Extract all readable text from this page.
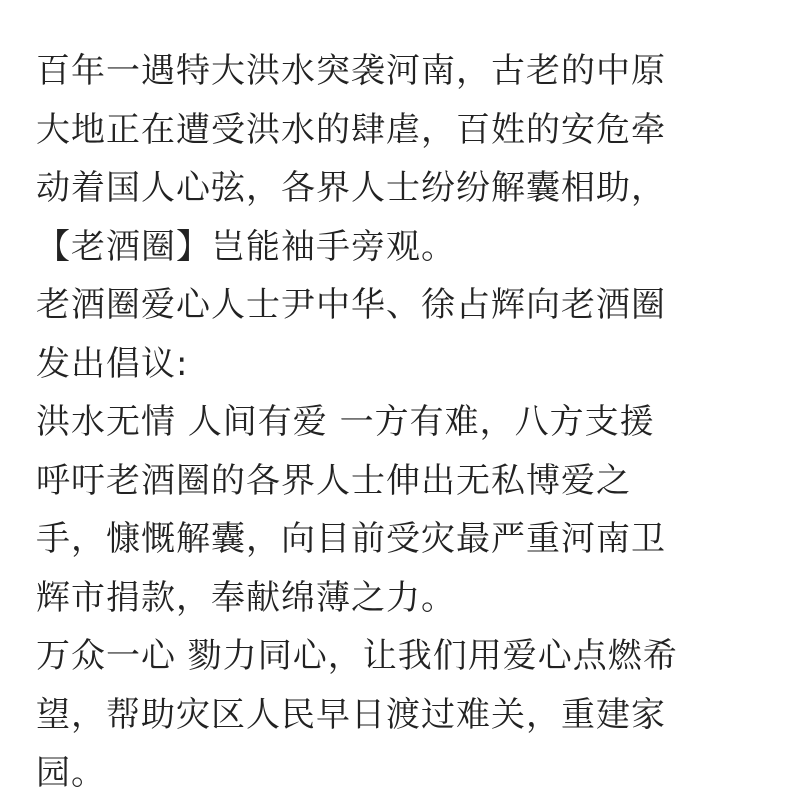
百年一遇特大洪水突袭河南，古老的中原
大地正在遭受洪水的肆虐，百姓的安危牵
动着国人心弦，各界人士纷纷解囊相助，
【老酒圈】岂能袖手旁观。
老酒圈爱心人士尹中华、徐占辉向老酒圈
发出倡议:
洪水无情 人间有爱 一方有难，八方支援
呼吁老酒圈的各界人士伸出无私博爱之
手，慷慨解囊，向目前受灾最严重河南卫
辉市捐款，奉献绵薄之力。
万众一心 勠力同心，让我们用爱心点燃希
望，帮助灾区人民早日渡过难关，重建家
园。
